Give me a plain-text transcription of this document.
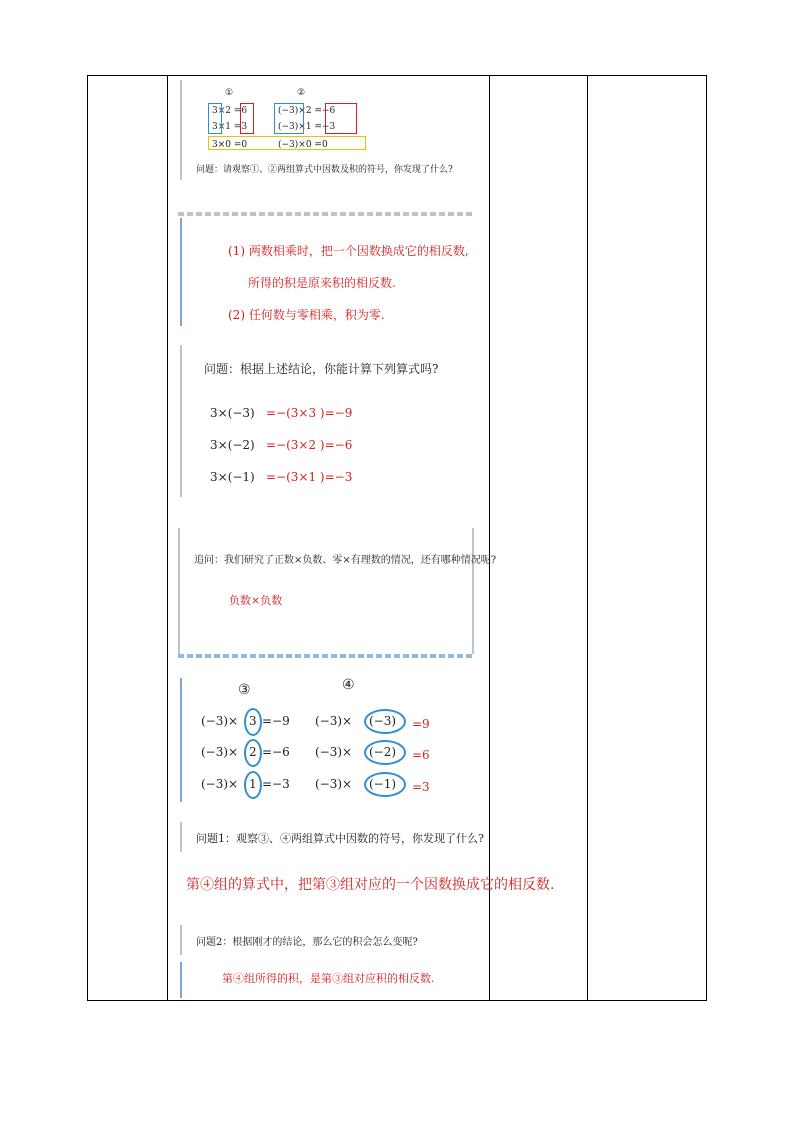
①	②
3×2 =6
3×1 =3
3×0 =0
(−3)×2 =−6
(−3)×1 =−3
(−3)×0 =0
问题：请观察①、②两组算式中因数及积的符号，你发现了什么?
(1) 两数相乘时，把一个因数换成它的相反数,
所得的积是原来积的相反数.
(2) 任何数与零相乘，积为零.
问题：根据上述结论，你能计算下列算式吗?
3×(−3) =−(3×3 )=−9
3×(−2) =−(3×2 )=−6
3×(−1) =−(3×1 )=−3
追问：我们研究了正数×负数、零×有理数的情况，还有哪种情况呢?
负数×负数
③	④
(−3)× 3 =−9
(−3)× 2 =−6
(−3)× 1 =−3
(−3)× (−3) =9
(−3)× (−2) =6
(−3)× (−1) =3
问题1：观察③、④两组算式中因数的符号，你发现了什么?
第④组的算式中，把第③组对应的一个因数换成它的相反数.
问题2：根据刚才的结论，那么它的积会怎么变呢?
第④组所得的积，是第③组对应积的相反数.
